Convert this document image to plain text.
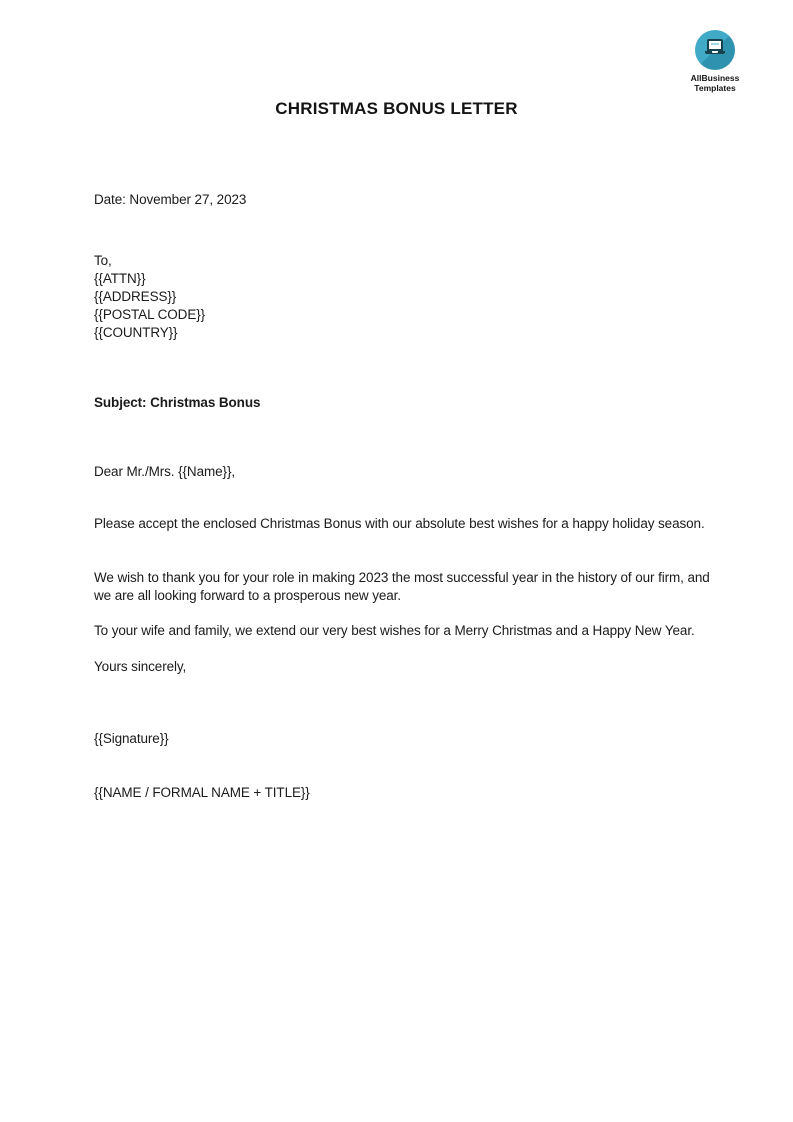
AllBusiness
Templates
CHRISTMAS BONUS LETTER
Date: November 27, 2023
To,
{{ATTN}}
{{ADDRESS}}
{{POSTAL CODE}}
{{COUNTRY}}
Subject: Christmas Bonus
Dear Mr./Mrs. {{Name}},
Please accept the enclosed Christmas Bonus with our absolute best wishes for a happy holiday season.
We wish to thank you for your role in making 2023 the most successful year in the history of our firm, and we are all looking forward to a prosperous new year.
To your wife and family, we extend our very best wishes for a Merry Christmas and a Happy New Year.
Yours sincerely,
{{Signature}}
{{NAME / FORMAL NAME + TITLE}}
